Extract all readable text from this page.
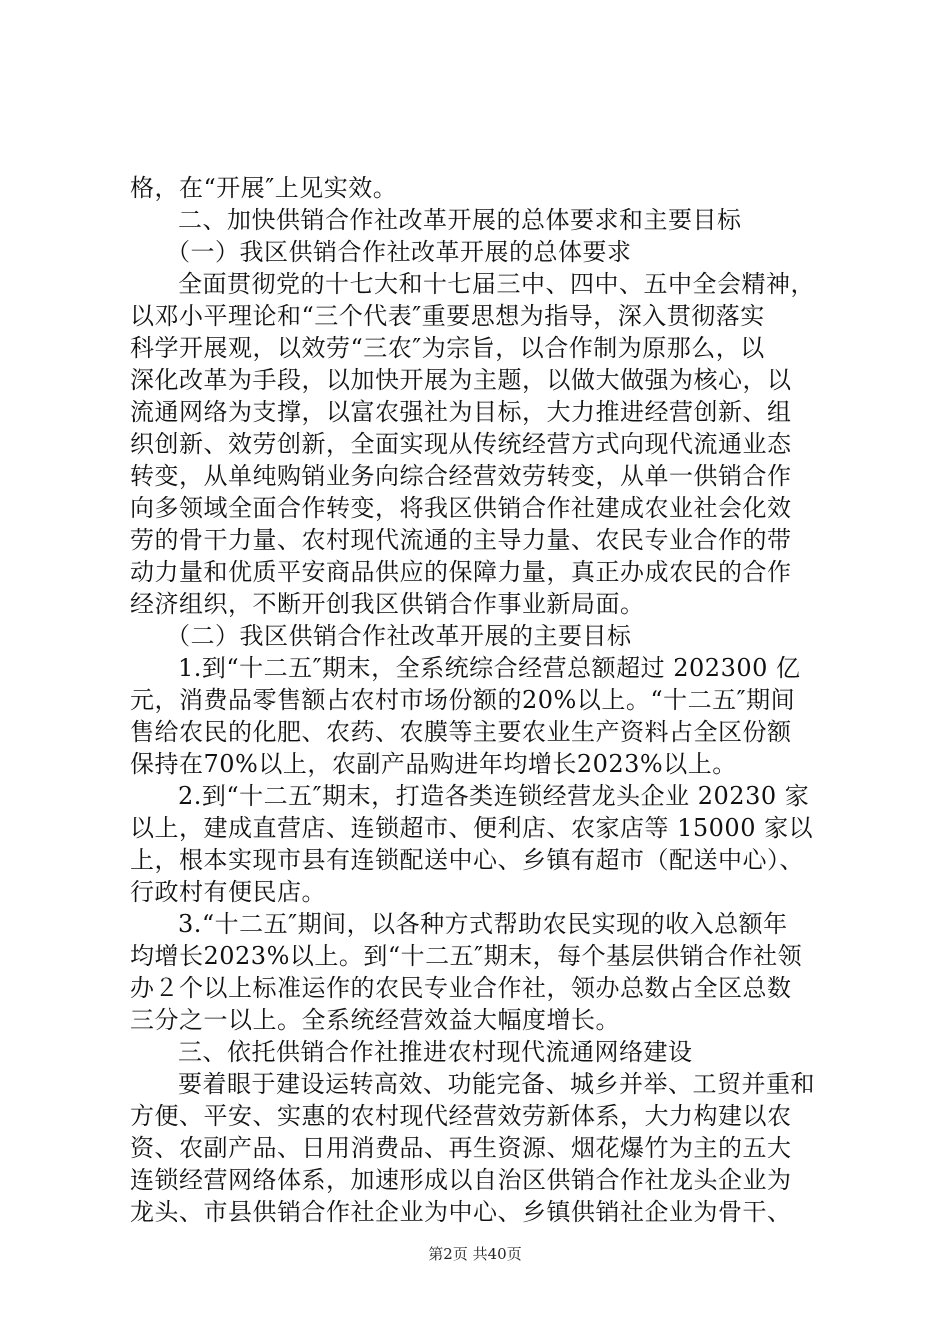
格，在“开展″上见实效。
二、加快供销合作社改革开展的总体要求和主要目标
（一）我区供销合作社改革开展的总体要求
全面贯彻党的十七大和十七届三中、四中、五中全会精神，
以邓小平理论和“三个代表″重要思想为指导，深入贯彻落实
科学开展观，以效劳“三农″为宗旨，以合作制为原那么，以
深化改革为手段，以加快开展为主题，以做大做强为核心，以
流通网络为支撑，以富农强社为目标，大力推进经营创新、组
织创新、效劳创新，全面实现从传统经营方式向现代流通业态
转变，从单纯购销业务向综合经营效劳转变，从单一供销合作
向多领域全面合作转变，将我区供销合作社建成农业社会化效
劳的骨干力量、农村现代流通的主导力量、农民专业合作的带
动力量和优质平安商品供应的保障力量，真正办成农民的合作
经济组织，不断开创我区供销合作事业新局面。
（二）我区供销合作社改革开展的主要目标
1.到“十二五″期末，全系统综合经营总额超过 202300 亿
元，消费品零售额占农村市场份额的20%以上。“十二五″期间
售给农民的化肥、农药、农膜等主要农业生产资料占全区份额
保持在70%以上，农副产品购进年均增长2023%以上。
2.到“十二五″期末，打造各类连锁经营龙头企业 20230 家
以上，建成直营店、连锁超市、便利店、农家店等 15000 家以
上，根本实现市县有连锁配送中心、乡镇有超市（配送中心）、
行政村有便民店。
3.“十二五″期间，以各种方式帮助农民实现的收入总额年
均增长2023%以上。到“十二五″期末，每个基层供销合作社领
办２个以上标准运作的农民专业合作社，领办总数占全区总数
三分之一以上。全系统经营效益大幅度增长。
三、依托供销合作社推进农村现代流通网络建设
要着眼于建设运转高效、功能完备、城乡并举、工贸并重和
方便、平安、实惠的农村现代经营效劳新体系，大力构建以农
资、农副产品、日用消费品、再生资源、烟花爆竹为主的五大
连锁经营网络体系，加速形成以自治区供销合作社龙头企业为
龙头、市县供销合作社企业为中心、乡镇供销社企业为骨干、
第2页 共40页
